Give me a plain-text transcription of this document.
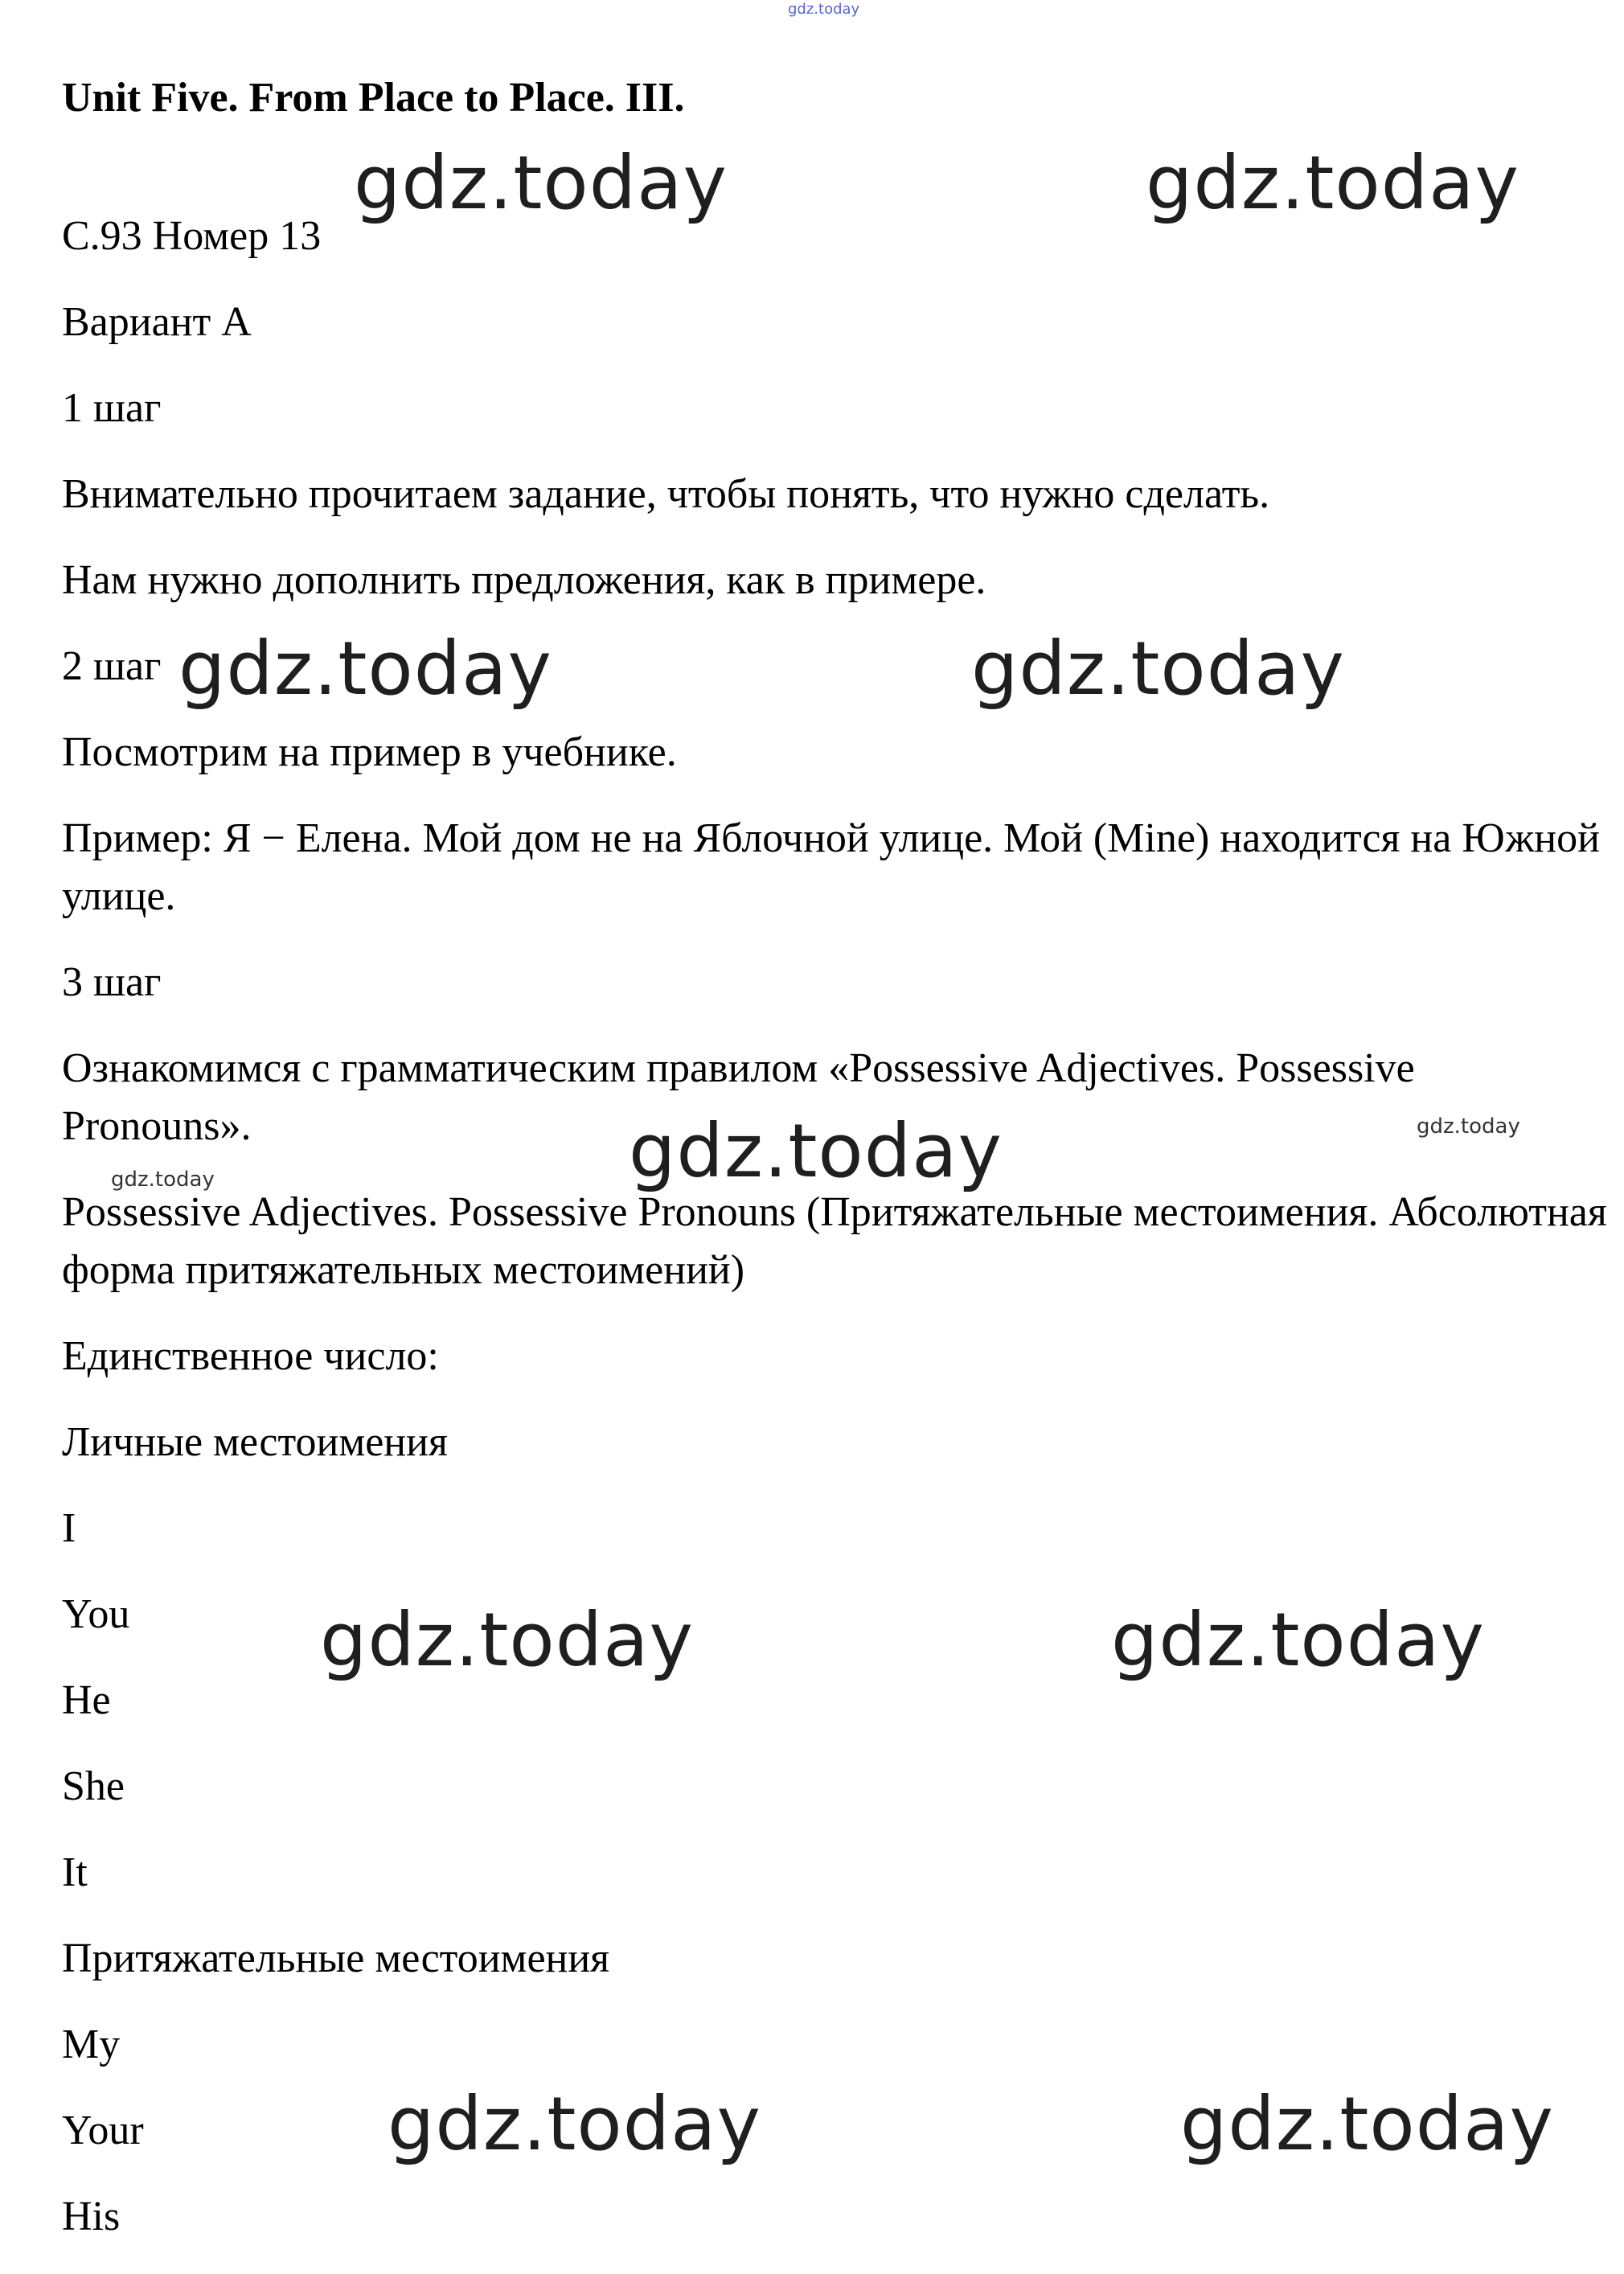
gdz.today
Unit Five. From Place to Place. III.
С.93 Номер 13
Вариант А
1 шаг
Внимательно прочитаем задание, чтобы понять, что нужно сделать.
Нам нужно дополнить предложения, как в примере.
2 шаг
Посмотрим на пример в учебнике.
Пример: Я − Елена. Мой дом не на Яблочной улице. Мой (Mine) находится на Южной улице.
3 шаг
Ознакомимся с грамматическим правилом «Possessive Adjectives. Possessive Pronouns».
Possessive Adjectives. Possessive Pronouns (Притяжательные местоимения. Абсолютная форма притяжательных местоимений)
Единственное число:
Личные местоимения
I
You
He
She
It
Притяжательные местоимения
My
Your
His
gdz.today	gdz.today
gdz.today	gdz.today
gdz.today
gdz.today	gdz.today
gdz.today	gdz.today
gdz.today
gdz.today
